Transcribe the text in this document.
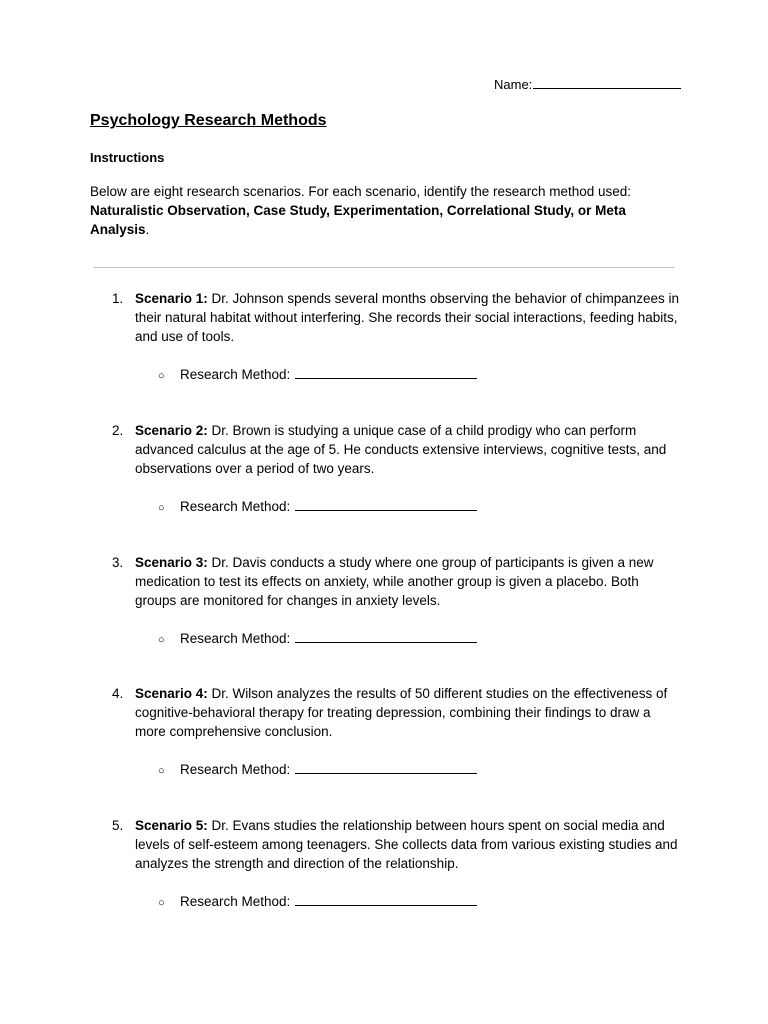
Name:
Psychology Research Methods
Instructions
Below are eight research scenarios. For each scenario, identify the research method used: Naturalistic Observation, Case Study, Experimentation, Correlational Study, or Meta Analysis.
1. Scenario 1: Dr. Johnson spends several months observing the behavior of chimpanzees in their natural habitat without interfering. She records their social interactions, feeding habits, and use of tools.
○ Research Method:
2. Scenario 2: Dr. Brown is studying a unique case of a child prodigy who can perform advanced calculus at the age of 5. He conducts extensive interviews, cognitive tests, and observations over a period of two years.
○ Research Method:
3. Scenario 3: Dr. Davis conducts a study where one group of participants is given a new medication to test its effects on anxiety, while another group is given a placebo. Both groups are monitored for changes in anxiety levels.
○ Research Method:
4. Scenario 4: Dr. Wilson analyzes the results of 50 different studies on the effectiveness of cognitive-behavioral therapy for treating depression, combining their findings to draw a more comprehensive conclusion.
○ Research Method:
5. Scenario 5: Dr. Evans studies the relationship between hours spent on social media and levels of self-esteem among teenagers. She collects data from various existing studies and analyzes the strength and direction of the relationship.
○ Research Method:
